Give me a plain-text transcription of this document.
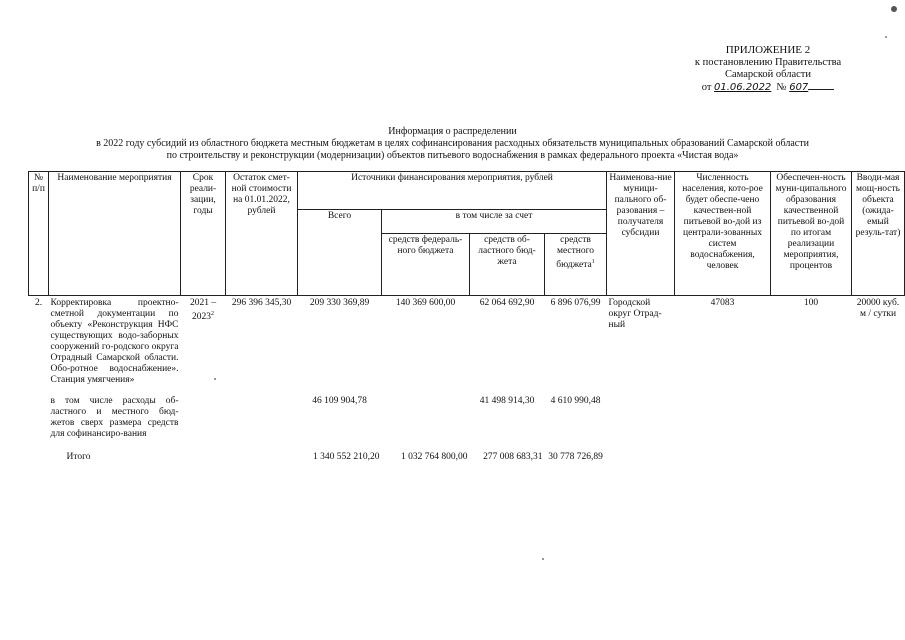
ПРИЛОЖЕНИЕ 2
к постановлению Правительства
Самарской области
от 01.06.2022 № 607
Информация о распределении
в 2022 году субсидий из областного бюджета местным бюджетам в целях софинансирования расходных обязательств муниципальных образований Самарской области
по строительству и реконструкции (модернизации) объектов питьевого водоснабжения в рамках федерального проекта «Чистая вода»
№ п/п	Наименование мероприятия	Срок реали-зации, годы	Остаток смет-ной стоимости на 01.01.2022, рублей	Источники финансирования мероприятия, рублей				Наименова-ние муници-пального об-разования – получателя субсидии	Численность населения, кото-рое будет обеспе-чено качествен-ной питьевой во-дой из централи-зованных систем водоснабжения, человек	Обеспечен-ность муни-ципального образования качественной питьевой во-дой по итогам реализации мероприятия, процентов	Вводи-мая мощ-ность объекта (ожида-емый резуль-тат)
				Всего	в том числе за счет						
					средств федераль-ного бюджета	средств об-ластного бюд-жета	средств местного бюджета$^1$
2.	Корректировка проектно-сметной документации по объекту «Реконструкция НФС существующих водо-заборных сооружений го-родского округа Отрадный Самарской области. Обо-ротное водоснабжение». Станция умягчения»	2021 – 2023$^2$	296 396 345,30	209 330 369,89	140 369 600,00	62 064 692,90	6 896 076,99	Городской округ Отрад-ный	47083	100	20000 куб. м / сутки
	в том числе расходы об-ластного и местного бюд-жетов сверх размера средств для софинансиро-вания			46 109 904,78		41 498 914,30	4 610 990,48				
	Итого			1 340 552 210,20	1 032 764 800,00	277 008 683,31	30 778 726,89				
